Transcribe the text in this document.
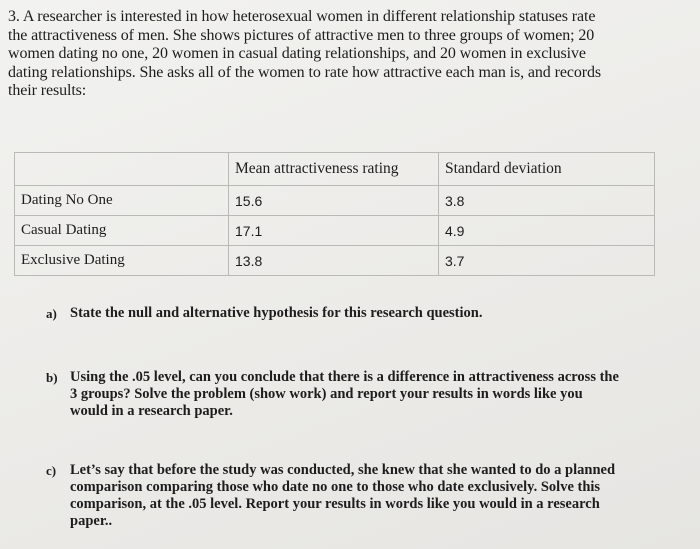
3. A researcher is interested in how heterosexual women in different relationship statuses rate

the attractiveness of men. She shows pictures of attractive men to three groups of women; 20

women dating no one, 20 women in casual dating relationships, and 20 women in exclusive

dating relationships. She asks all of the women to rate how attractive each man is, and records

their results:

	Mean attractiveness rating	Standard deviation
Dating No One	15.6	3.8
Casual Dating	17.1	4.9
Exclusive Dating	13.8	3.7
a) State the null and alternative hypothesis for this research question.
b) Using the .05 level, can you conclude that there is a difference in attractiveness across the
3 groups? Solve the problem (show work) and report your results in words like you
would in a research paper.
c) Let’s say that before the study was conducted, she knew that she wanted to do a planned
comparison comparing those who date no one to those who date exclusively. Solve this
comparison, at the .05 level. Report your results in words like you would in a research
paper..
